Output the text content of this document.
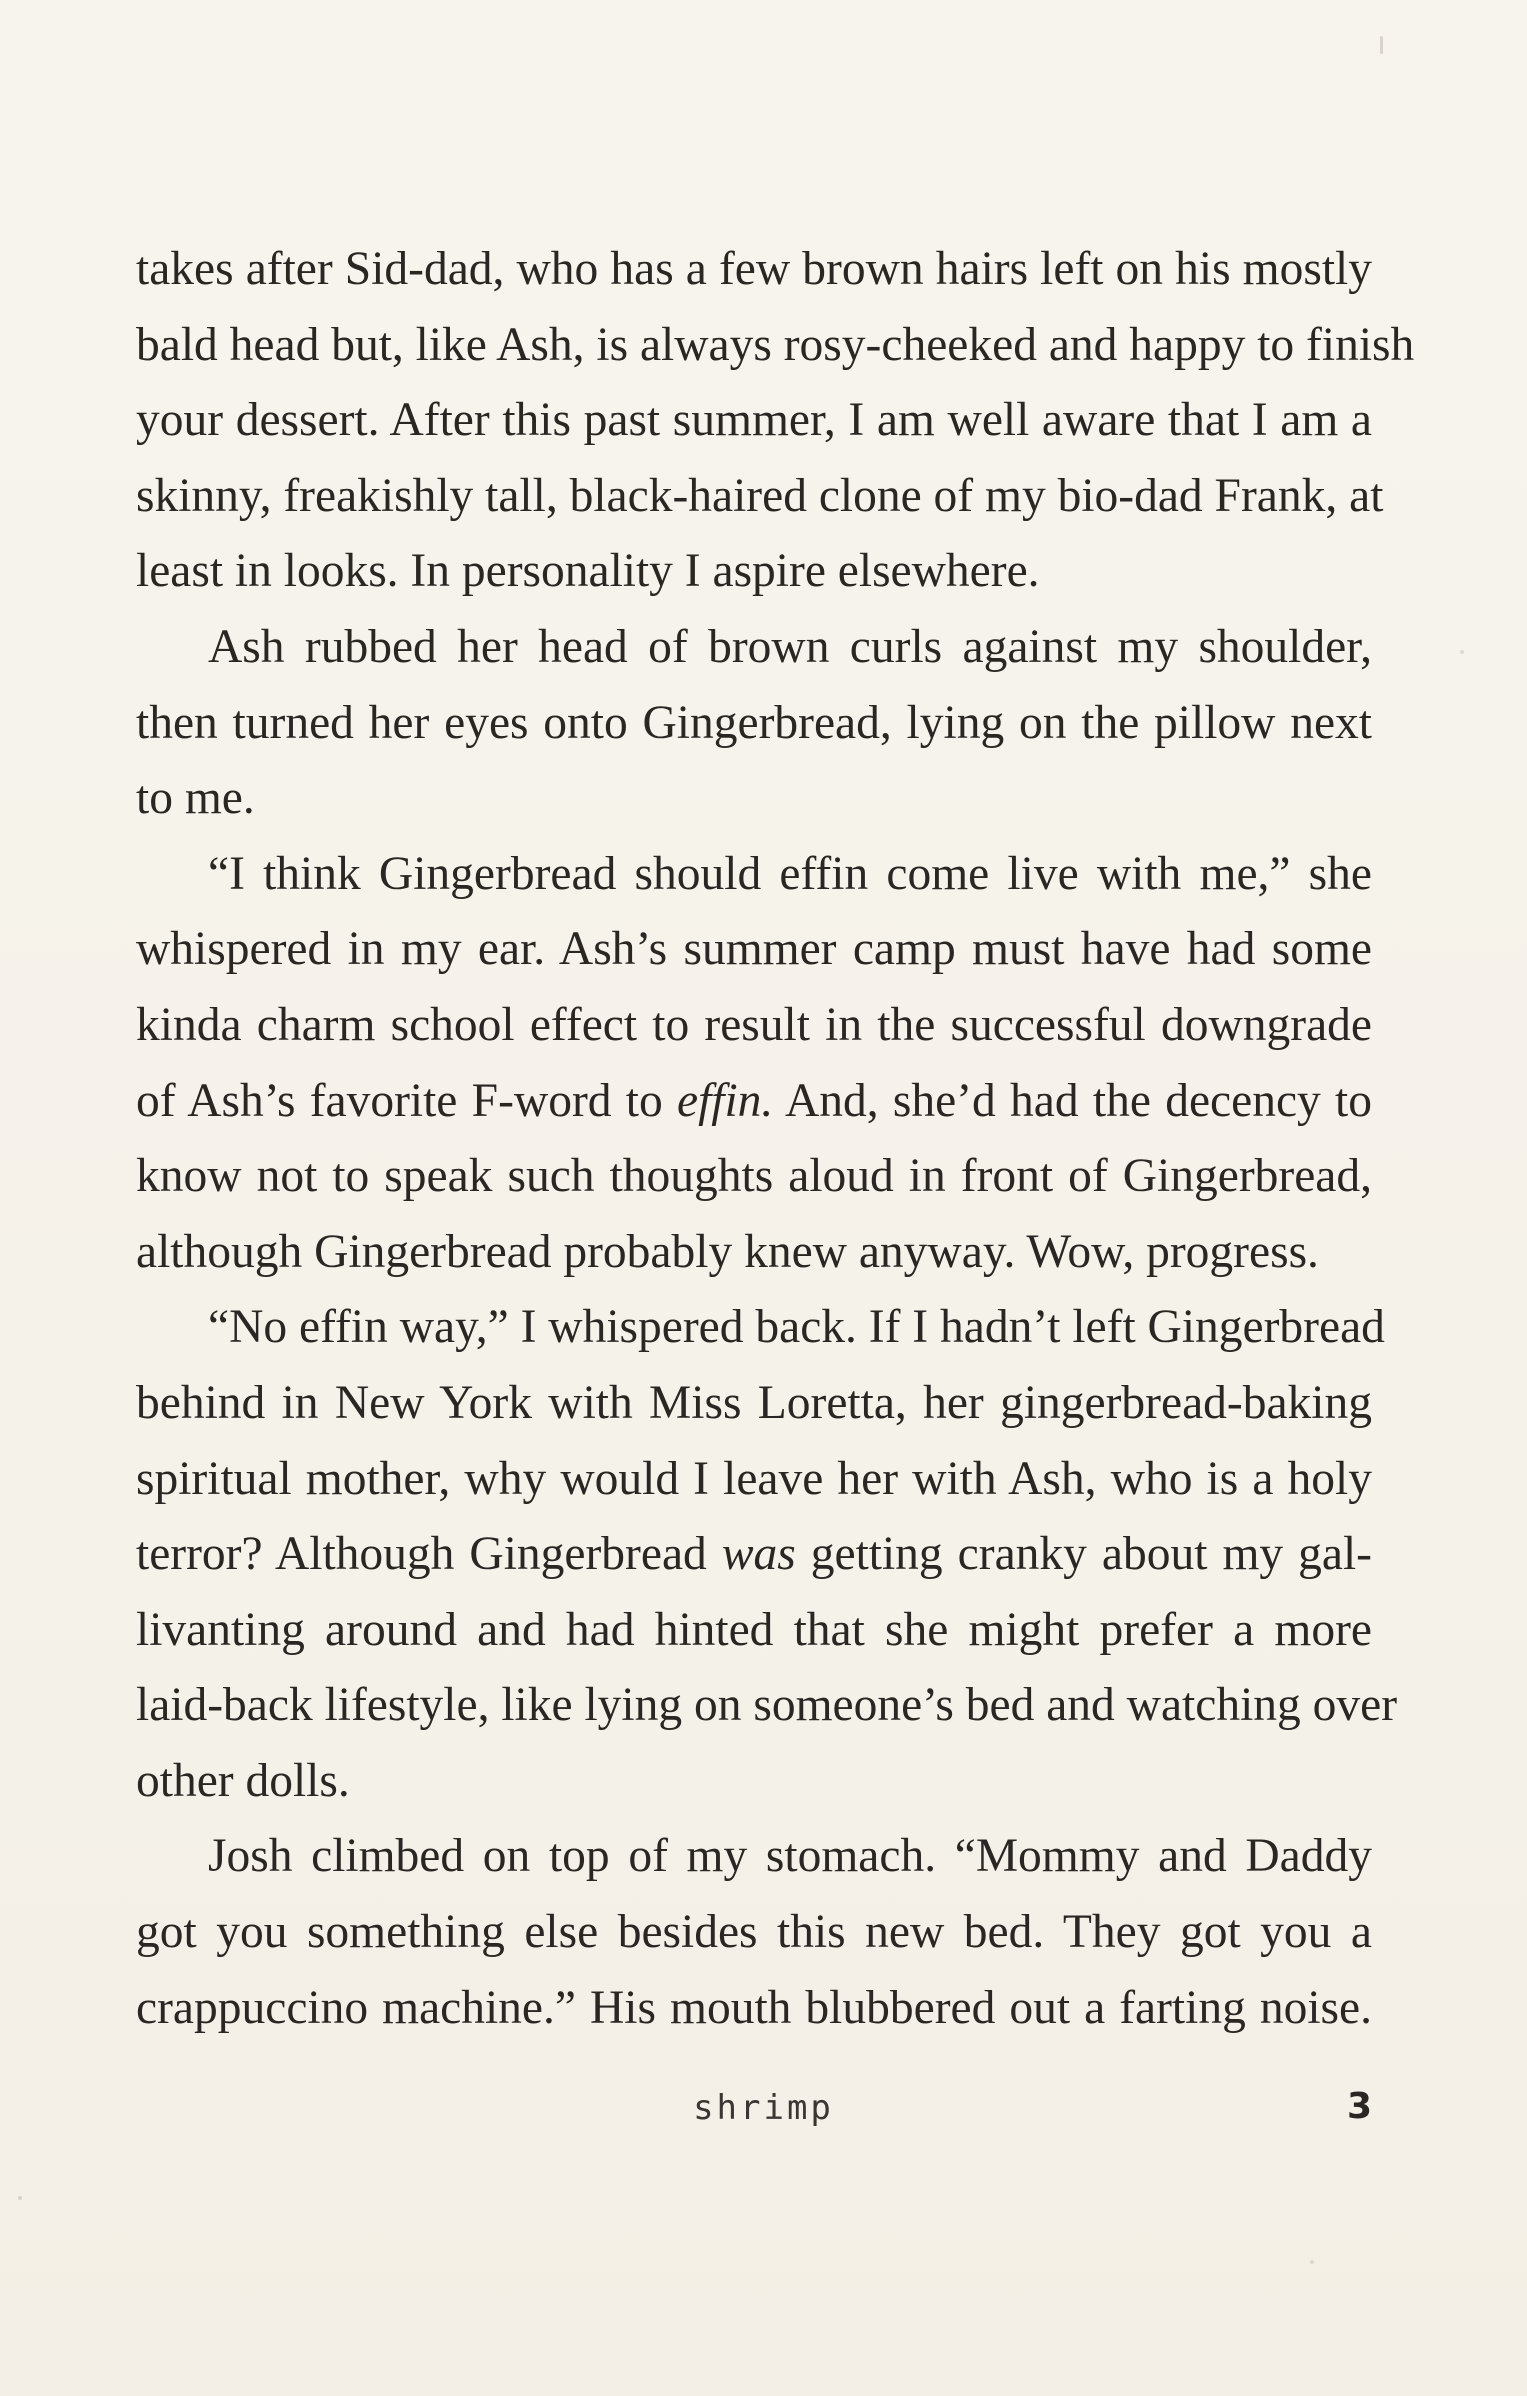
takes after Sid-dad, who has a few brown hairs left on his mostly
bald head but, like Ash, is always rosy-cheeked and happy to finish
your dessert. After this past summer, I am well aware that I am a
skinny, freakishly tall, black-haired clone of my bio-dad Frank, at
least in looks. In personality I aspire elsewhere.
Ash rubbed her head of brown curls against my shoulder,
then turned her eyes onto Gingerbread, lying on the pillow next
to me.
“I think Gingerbread should effin come live with me,” she
whispered in my ear. Ash’s summer camp must have had some
kinda charm school effect to result in the successful downgrade
of Ash’s favorite F-word to effin. And, she’d had the decency to
know not to speak such thoughts aloud in front of Gingerbread,
although Gingerbread probably knew anyway. Wow, progress.
“No effin way,” I whispered back. If I hadn’t left Gingerbread
behind in New York with Miss Loretta, her gingerbread-baking
spiritual mother, why would I leave her with Ash, who is a holy
terror? Although Gingerbread was getting cranky about my gal-
livanting around and had hinted that she might prefer a more
laid-back lifestyle, like lying on someone’s bed and watching over
other dolls.
Josh climbed on top of my stomach. “Mommy and Daddy
got you something else besides this new bed. They got you a
crappuccino machine.” His mouth blubbered out a farting noise.
shrimp	3
